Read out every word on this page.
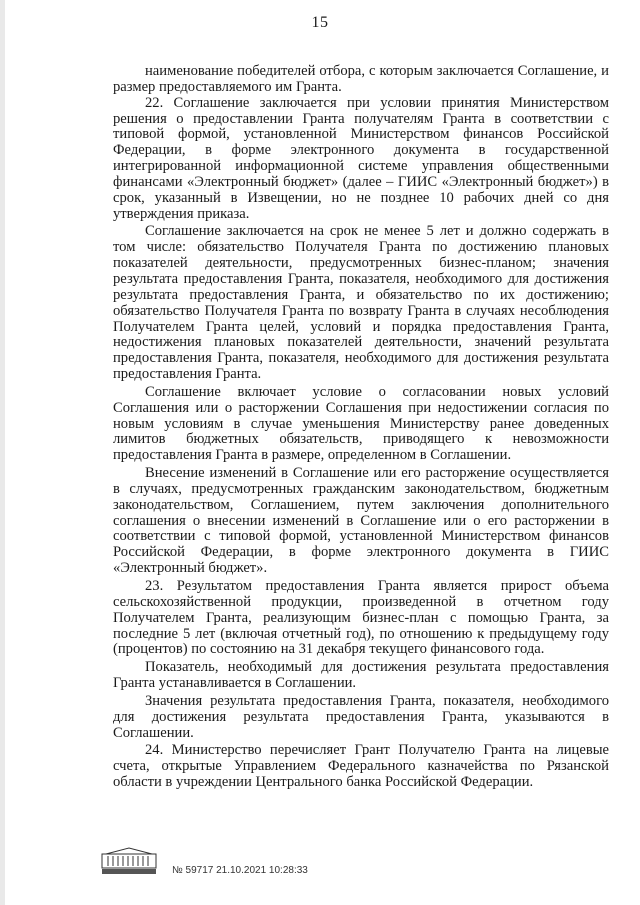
15

наименование победителей отбора, с которым заключается Соглашение, и размер предоставляемого им Гранта.

22. Соглашение заключается при условии принятия Министерством решения о предоставлении Гранта получателям Гранта в соответствии с типовой формой, установленной Министерством финансов Российской Федерации, в форме электронного документа в государственной интегрированной информационной системе управления общественными финансами «Электронный бюджет» (далее – ГИИС «Электронный бюджет») в срок, указанный в Извещении, но не позднее 10 рабочих дней со дня утверждения приказа.

Соглашение заключается на срок не менее 5 лет и должно содержать в том числе: обязательство Получателя Гранта по достижению плановых показателей деятельности, предусмотренных бизнес-планом; значения результата предоставления Гранта, показателя, необходимого для достижения результата предоставления Гранта, и обязательство по их достижению; обязательство Получателя Гранта по возврату Гранта в случаях несоблюдения Получателем Гранта целей, условий и порядка предоставления Гранта, недостижения плановых показателей деятельности, значений результата предоставления Гранта, показателя, необходимого для достижения результата предоставления Гранта.

Соглашение включает условие о согласовании новых условий Соглашения или о расторжении Соглашения при недостижении согласия по новым условиям в случае уменьшения Министерству ранее доведенных лимитов бюджетных обязательств, приводящего к невозможности предоставления Гранта в размере, определенном в Соглашении.

Внесение изменений в Соглашение или его расторжение осуществляется в случаях, предусмотренных гражданским законодательством, бюджетным законодательством, Соглашением, путем заключения дополнительного соглашения о внесении изменений в Соглашение или о его расторжении в соответствии с типовой формой, установленной Министерством финансов Российской Федерации, в форме электронного документа в ГИИС «Электронный бюджет».

23. Результатом предоставления Гранта является прирост объема сельскохозяйственной продукции, произведенной в отчетном году Получателем Гранта, реализующим бизнес-план с помощью Гранта, за последние 5 лет (включая отчетный год), по отношению к предыдущему году (процентов) по состоянию на 31 декабря текущего финансового года.

Показатель, необходимый для достижения результата предоставления Гранта устанавливается в Соглашении.

Значения результата предоставления Гранта, показателя, необходимого для достижения результата предоставления Гранта, указываются в Соглашении.

24. Министерство перечисляет Грант Получателю Гранта на лицевые счета, открытые Управлением Федерального казначейства по Рязанской области в учреждении Центрального банка Российской Федерации.

№ 59717 21.10.2021 10:28:33
